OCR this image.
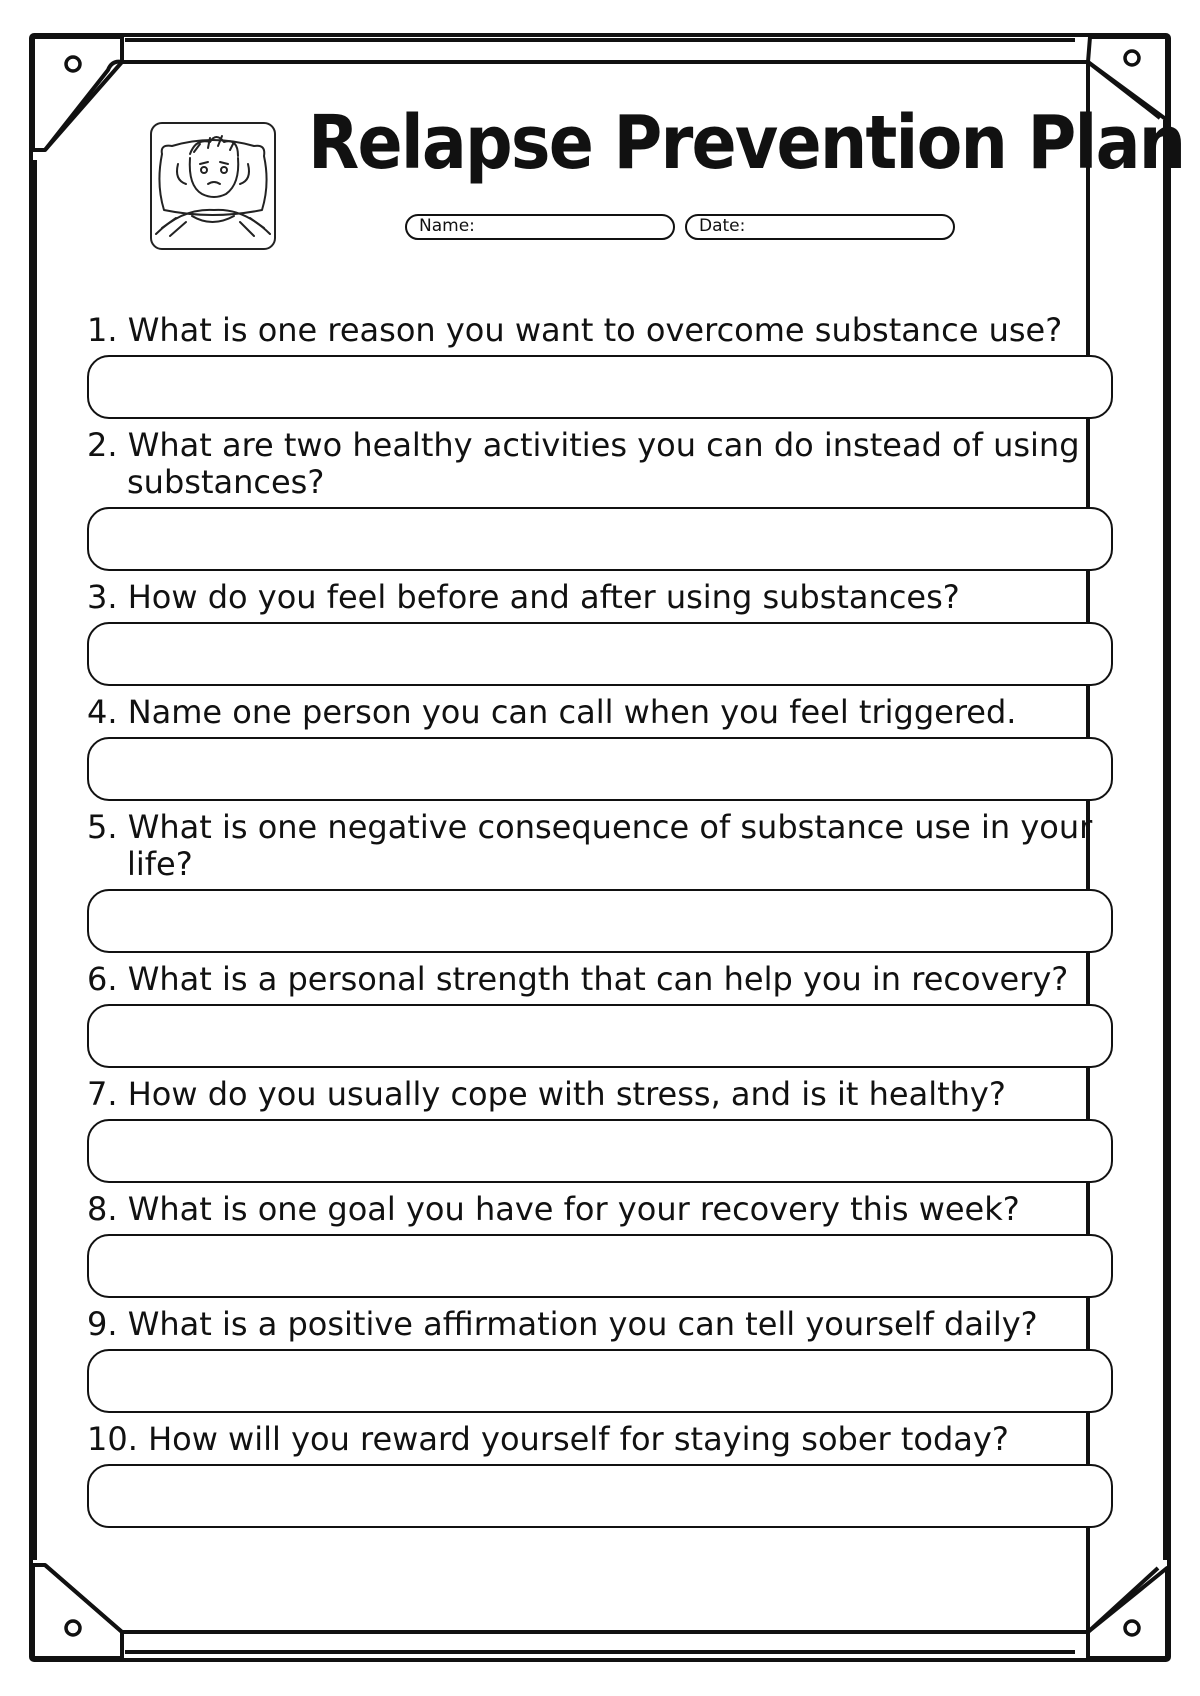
Relapse Prevention Plan
Name:	Date:

1. What is one reason you want to overcome substance use?

2. What are two healthy activities you can do instead of using substances?

3. How do you feel before and after using substances?

4. Name one person you can call when you feel triggered.

5. What is one negative consequence of substance use in your life?

6. What is a personal strength that can help you in recovery?

7. How do you usually cope with stress, and is it healthy?

8. What is one goal you have for your recovery this week?

9. What is a positive affirmation you can tell yourself daily?

10. How will you reward yourself for staying sober today?
